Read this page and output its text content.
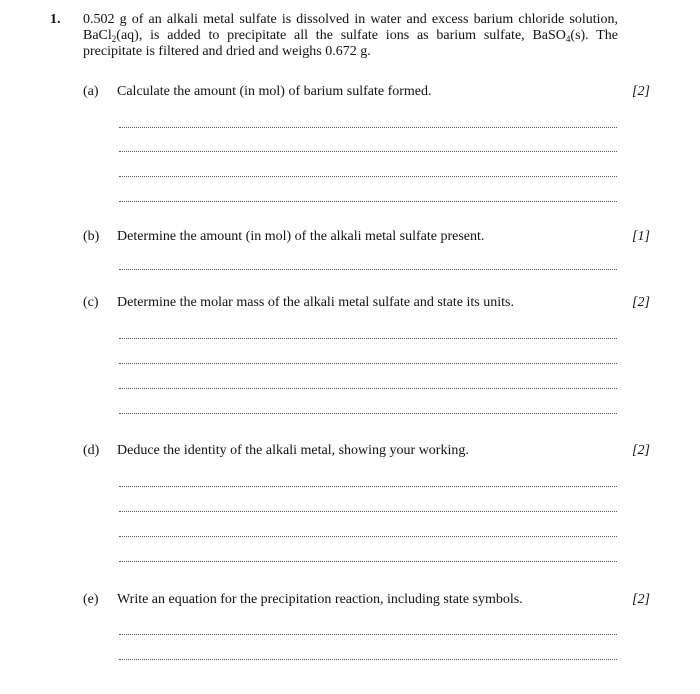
1. 0.502 g of an alkali metal sulfate is dissolved in water and excess barium chloride solution,
BaCl$_2$(aq), is added to precipitate all the sulfate ions as barium sulfate, BaSO$_4$(s). The
precipitate is filtered and dried and weighs 0.672 g.
(a) Calculate the amount (in mol) of barium sulfate formed.	[2]
(b) Determine the amount (in mol) of the alkali metal sulfate present.	[1]
(c) Determine the molar mass of the alkali metal sulfate and state its units.	[2]
(d) Deduce the identity of the alkali metal, showing your working.	[2]
(e) Write an equation for the precipitation reaction, including state symbols.	[2]
